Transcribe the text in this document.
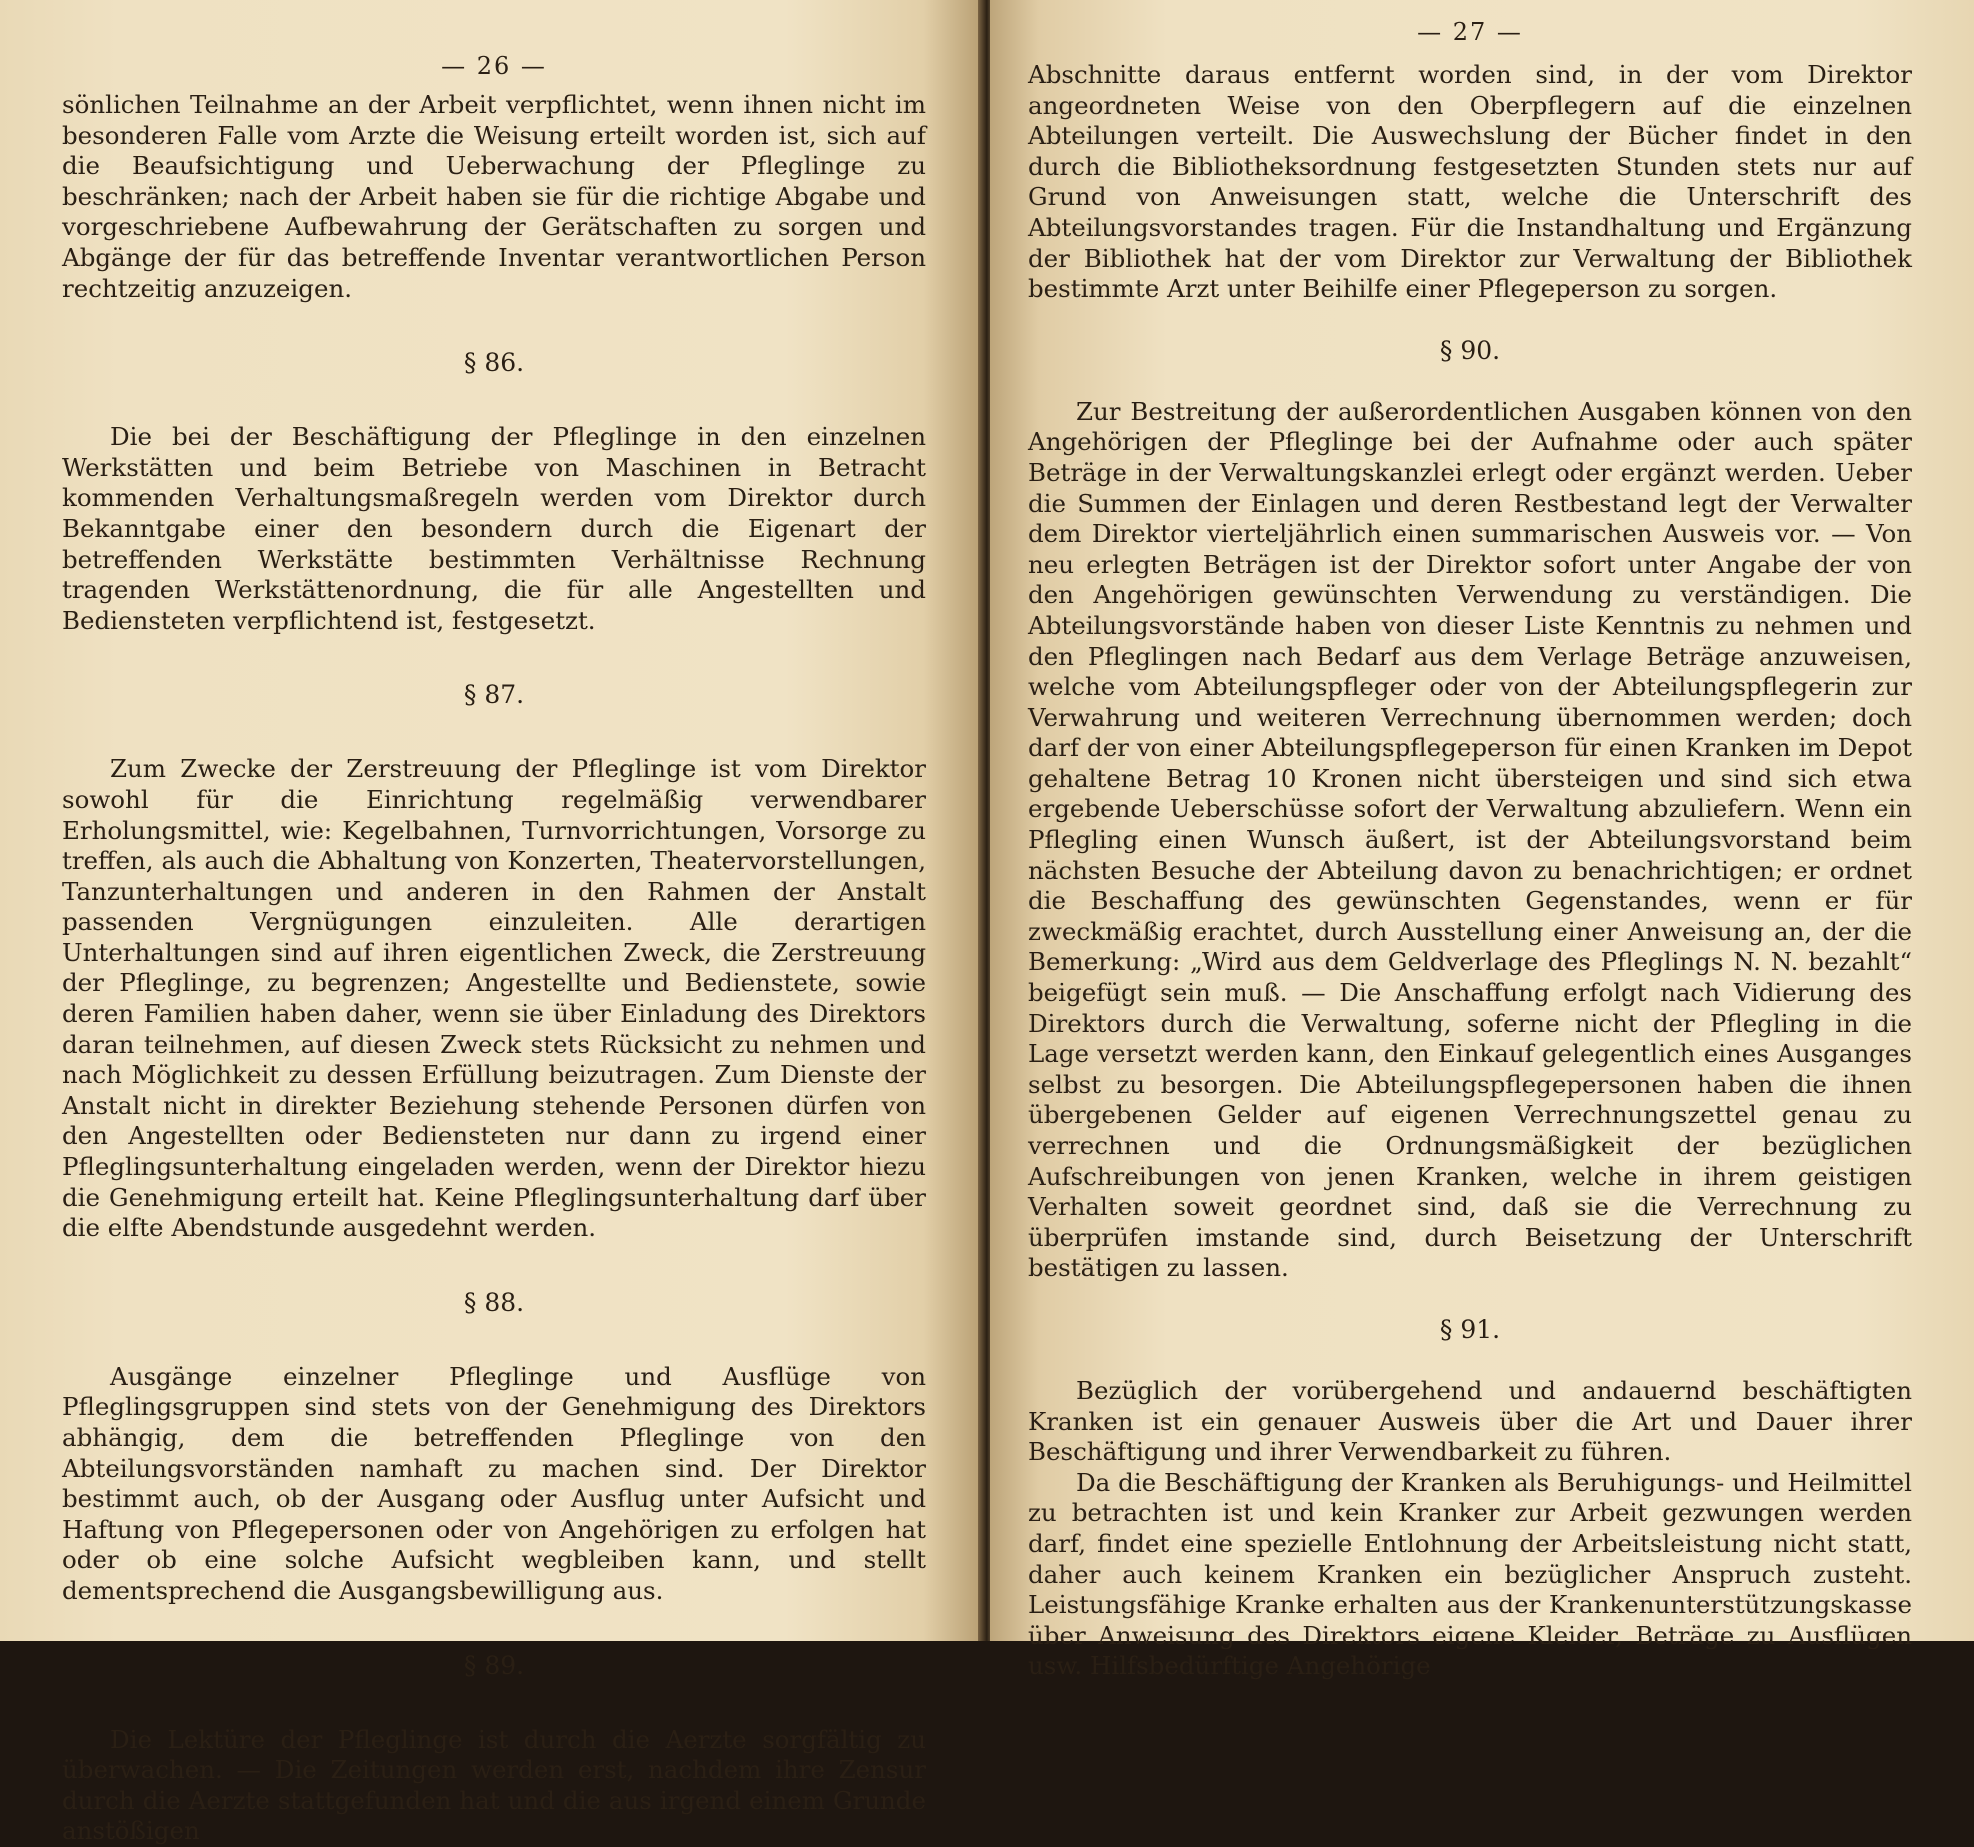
— 26 —

sönlichen Teilnahme an der Arbeit verpflichtet, wenn ihnen nicht im besonderen Falle vom Arzte die Weisung erteilt worden ist, sich auf die Beaufsichtigung und Ueberwachung der Pfleglinge zu beschränken; nach der Arbeit haben sie für die richtige Abgabe und vorgeschriebene Aufbewahrung der Gerätschaften zu sorgen und Abgänge der für das betreffende Inventar verantwortlichen Person rechtzeitig anzuzeigen.

§ 86.

Die bei der Beschäftigung der Pfleglinge in den einzelnen Werkstätten und beim Betriebe von Maschinen in Betracht kommenden Verhaltungsmaßregeln werden vom Direktor durch Bekanntgabe einer den besondern durch die Eigenart der betreffenden Werkstätte bestimmten Verhältnisse Rechnung tragenden Werkstättenordnung, die für alle Angestellten und Bediensteten verpflichtend ist, festgesetzt.

§ 87.

Zum Zwecke der Zerstreuung der Pfleglinge ist vom Direktor sowohl für die Einrichtung regelmäßig verwendbarer Erholungsmittel, wie: Kegelbahnen, Turnvorrichtungen, Vorsorge zu treffen, als auch die Abhaltung von Konzerten, Theatervorstellungen, Tanzunterhaltungen und anderen in den Rahmen der Anstalt passenden Vergnügungen einzuleiten. Alle derartigen Unterhaltungen sind auf ihren eigentlichen Zweck, die Zerstreuung der Pfleglinge, zu begrenzen; Angestellte und Bedienstete, sowie deren Familien haben daher, wenn sie über Einladung des Direktors daran teilnehmen, auf diesen Zweck stets Rücksicht zu nehmen und nach Möglichkeit zu dessen Erfüllung beizutragen. Zum Dienste der Anstalt nicht in direkter Beziehung stehende Personen dürfen von den Angestellten oder Bediensteten nur dann zu irgend einer Pfleglingsunterhaltung eingeladen werden, wenn der Direktor hiezu die Genehmigung erteilt hat. Keine Pfleglingsunterhaltung darf über die elfte Abendstunde ausgedehnt werden.

§ 88.

Ausgänge einzelner Pfleglinge und Ausflüge von Pfleglingsgruppen sind stets von der Genehmigung des Direktors abhängig, dem die betreffenden Pfleglinge von den Abteilungsvorständen namhaft zu machen sind. Der Direktor bestimmt auch, ob der Ausgang oder Ausflug unter Aufsicht und Haftung von Pflegepersonen oder von Angehörigen zu erfolgen hat oder ob eine solche Aufsicht wegbleiben kann, und stellt dementsprechend die Ausgangsbewilligung aus.

§ 89.

Die Lektüre der Pfleglinge ist durch die Aerzte sorgfältig zu überwachen. — Die Zeitungen werden erst, nachdem ihre Zensur durch die Aerzte stattgefunden hat und die aus irgend einem Grunde anstößigen

— 27 —

Abschnitte daraus entfernt worden sind, in der vom Direktor angeordneten Weise von den Oberpflegern auf die einzelnen Abteilungen verteilt. Die Auswechslung der Bücher findet in den durch die Bibliotheksordnung festgesetzten Stunden stets nur auf Grund von Anweisungen statt, welche die Unterschrift des Abteilungsvorstandes tragen. Für die Instandhaltung und Ergänzung der Bibliothek hat der vom Direktor zur Verwaltung der Bibliothek bestimmte Arzt unter Beihilfe einer Pflegeperson zu sorgen.

§ 90.

Zur Bestreitung der außerordentlichen Ausgaben können von den Angehörigen der Pfleglinge bei der Aufnahme oder auch später Beträge in der Verwaltungskanzlei erlegt oder ergänzt werden. Ueber die Summen der Einlagen und deren Restbestand legt der Verwalter dem Direktor vierteljährlich einen summarischen Ausweis vor. — Von neu erlegten Beträgen ist der Direktor sofort unter Angabe der von den Angehörigen gewünschten Verwendung zu verständigen. Die Abteilungsvorstände haben von dieser Liste Kenntnis zu nehmen und den Pfleglingen nach Bedarf aus dem Verlage Beträge anzuweisen, welche vom Abteilungspfleger oder von der Abteilungspflegerin zur Verwahrung und weiteren Verrechnung übernommen werden; doch darf der von einer Abteilungspflegeperson für einen Kranken im Depot gehaltene Betrag 10 Kronen nicht übersteigen und sind sich etwa ergebende Ueberschüsse sofort der Verwaltung abzuliefern. Wenn ein Pflegling einen Wunsch äußert, ist der Abteilungsvorstand beim nächsten Besuche der Abteilung davon zu benachrichtigen; er ordnet die Beschaffung des gewünschten Gegenstandes, wenn er für zweckmäßig erachtet, durch Ausstellung einer Anweisung an, der die Bemerkung: „Wird aus dem Geldverlage des Pfleglings N. N. bezahlt“ beigefügt sein muß. — Die Anschaffung erfolgt nach Vidierung des Direktors durch die Verwaltung, soferne nicht der Pflegling in die Lage versetzt werden kann, den Einkauf gelegentlich eines Ausganges selbst zu besorgen. Die Abteilungspflegepersonen haben die ihnen übergebenen Gelder auf eigenen Verrechnungszettel genau zu verrechnen und die Ordnungsmäßigkeit der bezüglichen Aufschreibungen von jenen Kranken, welche in ihrem geistigen Verhalten soweit geordnet sind, daß sie die Verrechnung zu überprüfen imstande sind, durch Beisetzung der Unterschrift bestätigen zu lassen.

§ 91.

Bezüglich der vorübergehend und andauernd beschäftigten Kranken ist ein genauer Ausweis über die Art und Dauer ihrer Beschäftigung und ihrer Verwendbarkeit zu führen.

Da die Beschäftigung der Kranken als Beruhigungs- und Heilmittel zu betrachten ist und kein Kranker zur Arbeit gezwungen werden darf, findet eine spezielle Entlohnung der Arbeitsleistung nicht statt, daher auch keinem Kranken ein bezüglicher Anspruch zusteht. Leistungsfähige Kranke erhalten aus der Krankenunterstützungskasse über Anweisung des Direktors eigene Kleider, Beträge zu Ausflügen usw. Hilfsbedürftige Angehörige
